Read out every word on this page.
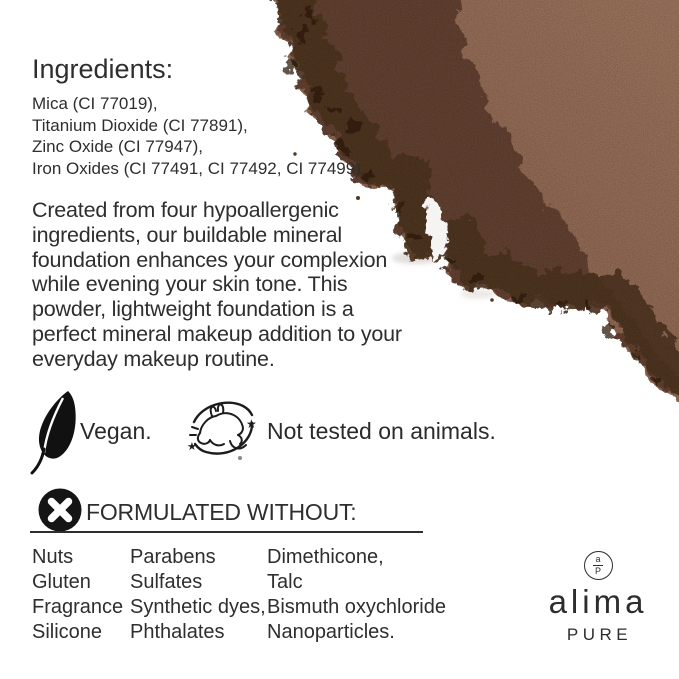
Ingredients:
Mica (CI 77019),
Titanium Dioxide (CI 77891),
Zinc Oxide (CI 77947),
Iron Oxides (CI 77491, CI 77492, CI 77499).
Created from four hypoallergenic
ingredients, our buildable mineral
foundation enhances your complexion
while evening your skin tone. This
powder, lightweight foundation is a
perfect mineral makeup addition to your
everyday makeup routine.
Vegan.	★
★
Not tested on animals.
FORMULATED WITHOUT:
Nuts
Gluten
Fragrance
Silicone
Parabens
Sulfates
Synthetic dyes,
Phthalates
Dimethicone,
Talc
Bismuth oxychloride
Nanoparticles.
a
P
alima
PURE
